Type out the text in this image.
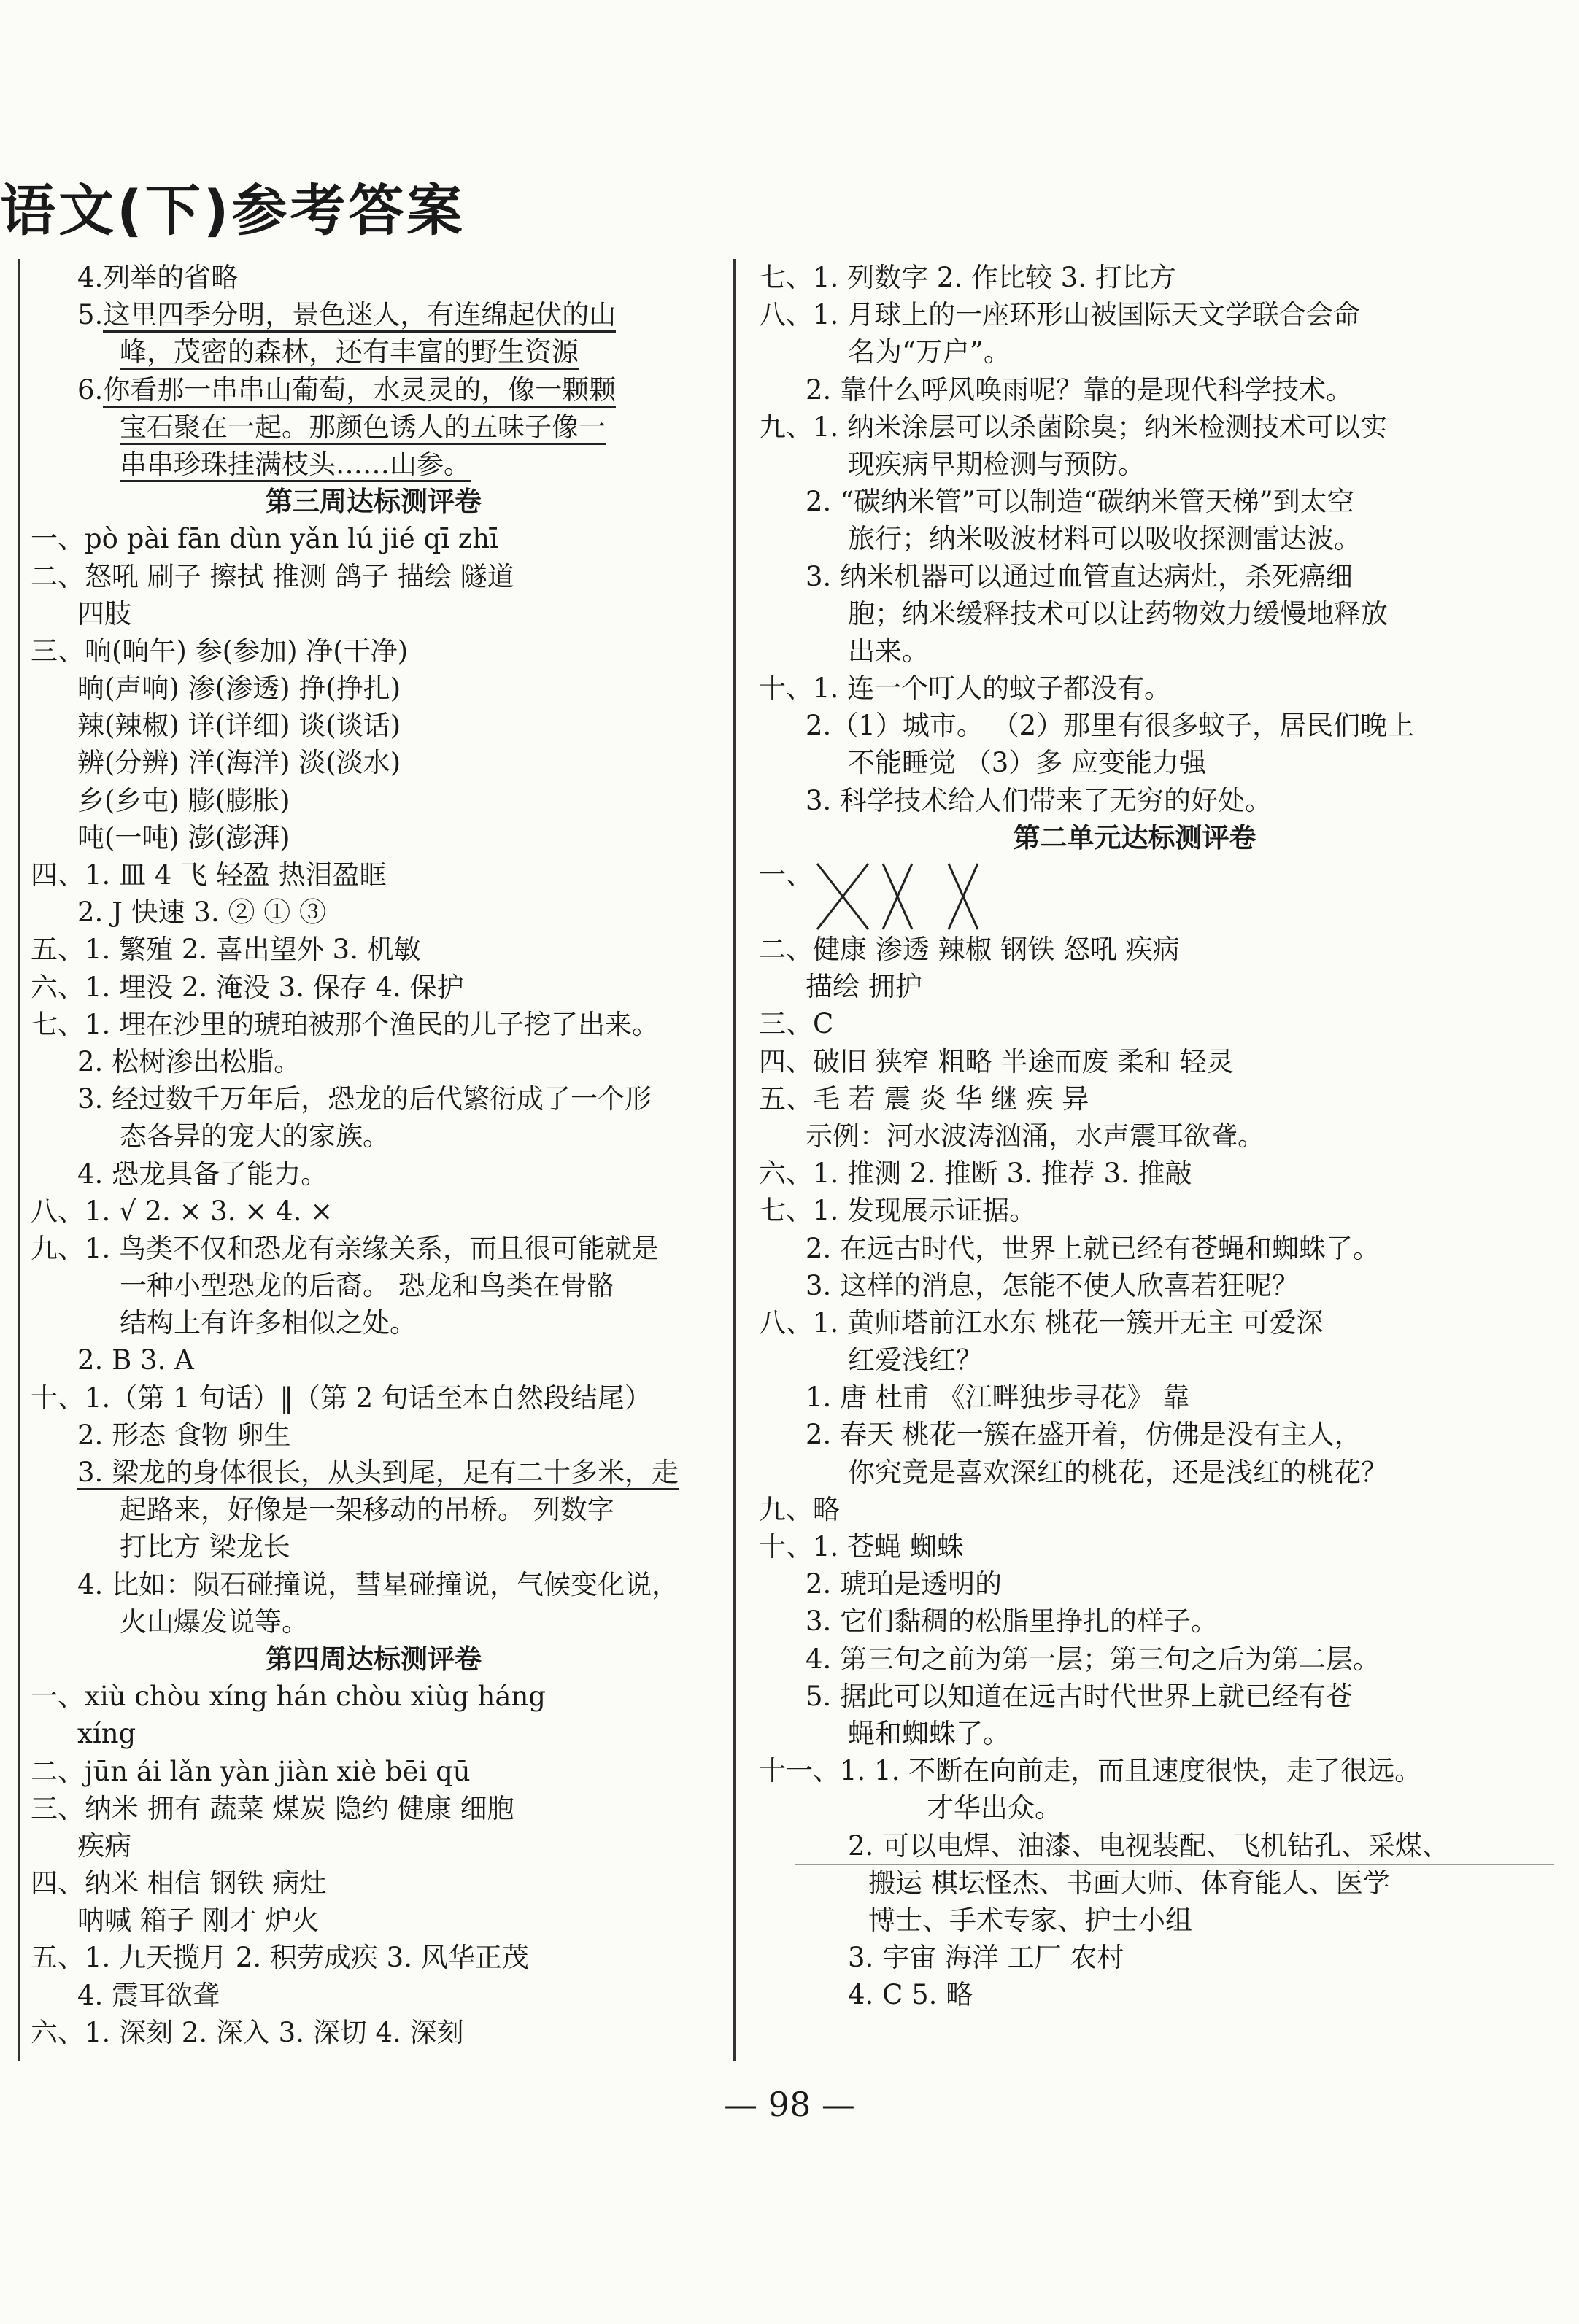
语文(下)参考答案
4.列举的省略
5.这里四季分明，景色迷人，有连绵起伏的山
峰，茂密的森林，还有丰富的野生资源
6.你看那一串串山葡萄，水灵灵的，像一颗颗
宝石聚在一起。那颜色诱人的五味子像一
串串珍珠挂满枝头……山参。
第三周达标测评卷
一、pò pài fān dùn yǎn lú jié qī zhī
二、怒吼 刷子 擦拭 推测 鸽子 描绘 隧道
四肢
三、响(晌午) 参(参加) 净(干净)
晌(声响) 渗(渗透) 挣(挣扎)
辣(辣椒) 详(详细) 谈(谈话)
辨(分辨) 洋(海洋) 淡(淡水)
乡(乡屯) 膨(膨胀)
吨(一吨) 澎(澎湃)
四、1. 皿 4 飞 轻盈 热泪盈眶
2. J 快速 3. ② ① ③
五、1. 繁殖 2. 喜出望外 3. 机敏
六、1. 埋没 2. 淹没 3. 保存 4. 保护
七、1. 埋在沙里的琥珀被那个渔民的儿子挖了出来。
2. 松树渗出松脂。
3. 经过数千万年后，恐龙的后代繁衍成了一个形
态各异的宠大的家族。
4. 恐龙具备了能力。
八、1. √ 2. × 3. × 4. ×
九、1. 鸟类不仅和恐龙有亲缘关系，而且很可能就是
一种小型恐龙的后裔。 恐龙和鸟类在骨骼
结构上有许多相似之处。
2. B 3. A
十、1.（第 1 句话）‖（第 2 句话至本自然段结尾）
2. 形态 食物 卵生
3. 梁龙的身体很长，从头到尾，足有二十多米，走
起路来，好像是一架移动的吊桥。 列数字
打比方 梁龙长
4. 比如：陨石碰撞说，彗星碰撞说，气候变化说，
火山爆发说等。
第四周达标测评卷
一、xiù chòu xíng hán chòu xiùg háng
xíng
二、jūn ái lǎn yàn jiàn xiè bēi qū
三、纳米 拥有 蔬菜 煤炭 隐约 健康 细胞
疾病
四、纳米 相信 钢铁 病灶
呐喊 箱子 刚才 炉火
五、1. 九天揽月 2. 积劳成疾 3. 风华正茂
4. 震耳欲聋
六、1. 深刻 2. 深入 3. 深切 4. 深刻
七、1. 列数字 2. 作比较 3. 打比方
八、1. 月球上的一座环形山被国际天文学联合会命
名为“万户”。
2. 靠什么呼风唤雨呢？靠的是现代科学技术。
九、1. 纳米涂层可以杀菌除臭；纳米检测技术可以实
现疾病早期检测与预防。
2. “碳纳米管”可以制造“碳纳米管天梯”到太空
旅行；纳米吸波材料可以吸收探测雷达波。
3. 纳米机器可以通过血管直达病灶，杀死癌细
胞；纳米缓释技术可以让药物效力缓慢地释放
出来。
十、1. 连一个叮人的蚊子都没有。
2.（1）城市。 （2）那里有很多蚊子，居民们晚上
不能睡觉 （3）多 应变能力强
3. 科学技术给人们带来了无穷的好处。
第二单元达标测评卷
一、
二、健康 渗透 辣椒 钢铁 怒吼 疾病
描绘 拥护
三、C
四、破旧 狭窄 粗略 半途而废 柔和 轻灵
五、毛 若 震 炎 华 继 疾 异
示例：河水波涛汹涌，水声震耳欲聋。
六、1. 推测 2. 推断 3. 推荐 3. 推敲
七、1. 发现展示证据。
2. 在远古时代，世界上就已经有苍蝇和蜘蛛了。
3. 这样的消息，怎能不使人欣喜若狂呢？
八、1. 黄师塔前江水东 桃花一簇开无主 可爱深
红爱浅红？
1. 唐 杜甫 《江畔独步寻花》 靠
2. 春天 桃花一簇在盛开着，仿佛是没有主人，
你究竟是喜欢深红的桃花，还是浅红的桃花？
九、略
十、1. 苍蝇 蜘蛛
2. 琥珀是透明的
3. 它们黏稠的松脂里挣扎的样子。
4. 第三句之前为第一层；第三句之后为第二层。
5. 据此可以知道在远古时代世界上就已经有苍
蝇和蜘蛛了。
十一、1. 1. 不断在向前走，而且速度很快，走了很远。
才华出众。
2. 可以电焊、油漆、电视装配、飞机钻孔、采煤、
搬运 棋坛怪杰、书画大师、体育能人、医学
博士、手术专家、护士小组
3. 宇宙 海洋 工厂 农村
4. C 5. 略
— 98 —
